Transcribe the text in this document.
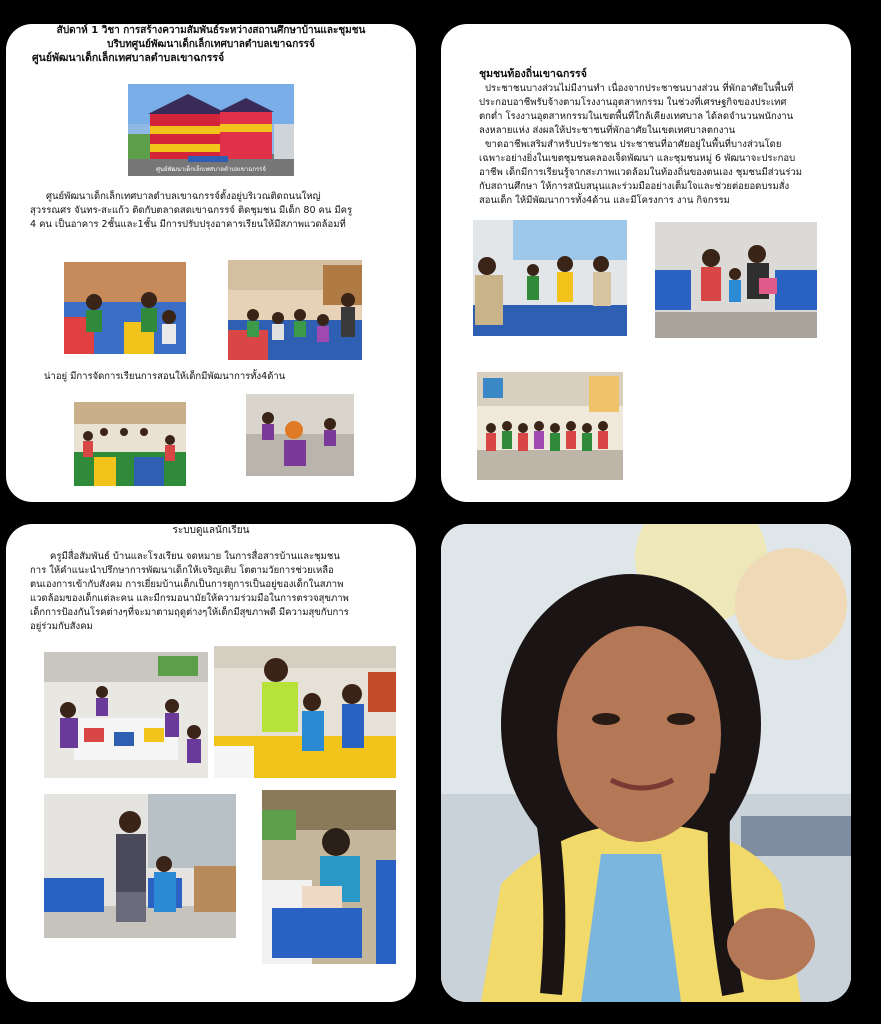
สัปดาห์ 1 วิชา การสร้างความสัมพันธ์ระหว่างสถานศึกษาบ้านและชุมชน
บริบทศูนย์พัฒนาเด็กเล็กเทศบาลตำบลเขาฉกรรจ์
ศูนย์พัฒนาเด็กเล็กเทศบาลตำบลเขาฉกรรจ์
ศูนย์พัฒนาเด็กเล็กเทศบาลตำบลเขาฉกรรจ์
ศูนย์พัฒนาเด็กเล็กเทศบาลตำบลเขาฉกรรจ์ตั้งอยู่บริเวณติดถนนใหญ่
สุวรรณศร จันทร-สะแก้ว ติดกับตลาดสดเขาฉกรรจ์ ติดชุมชน มีเด็ก 80 คน มีครู
4 คน เป็นอาคาร 2ชั้นและ1ชั้น มีการปรับปรุงอาคารเรียนให้มีสภาพแวดล้อมที่
น่าอยู่ มีการจัดการเรียนการสอนให้เด็กมีพัฒนาการทั้ง4ด้าน
ชุมชนท้องถิ่นเขาฉกรรจ์
ประชาชนบางส่วนไม่มีงานทำ เนื่องจากประชาชนบางส่วน ที่พักอาศัยในพื้นที่
ประกอบอาชีพรับจ้างตามโรงงานอุตสาหกรรม ในช่วงที่เศรษฐกิจของประเทศ
ตกต่ำ โรงงานอุตสาหกรรมในเขตพื้นที่ใกล้เคียงเทศบาล ได้ลดจำนวนพนักงาน
ลงหลายแห่ง ส่งผลให้ประชาชนที่พักอาศัยในเขตเทศบาลตกงาน
ขาดอาชีพเสริมสำหรับประชาชน ประชาชนที่อาศัยอยู่ในพื้นที่บางส่วนโดย
เฉพาะอย่างยิ่งในเขตชุมชนคลองเจ็ดพัฒนา และชุมชนหมู่ 6 พัฒนาจะประกอบ
อาชีพ เด็กมีการเรียนรู้จากสะภาพแวดล้อมในท้องถิ่นของตนเอง ชุมชนมีส่วนร่วม
กับสถานศึกษา ให้การสนับสนุนและร่วมมืออย่างเต็มใจและช่วยต่อยอดบรมสั่ง
สอนเด็ก ให้มีพัฒนาการทั้ง4ด้าน และมีโครงการ งาน กิจกรรม
ระบบดูแลนักเรียน
ครูมีสื่อสัมพันธ์ บ้านและโรงเรียน จดหมาย ในการสื่อสารบ้านและชุมชน
การ ให้คำแนะนำปรึกษาการพัฒนาเด็กให้เจริญเติบ โตตามวัยการช่วยเหลือ
ตนเองการเข้ากับสังคม การเยี่ยมบ้านเด็กเป็นการดูการเป็นอยู่ของเด็กในสภาพ
แวดล้อมของเด็กแต่ละคน และมีกรมอนามัยให้ความร่วมมือในการตรวจสุขภาพ
เด็กการป้องกันโรคต่างๆที่จะมาตามฤดูต่างๆให้เด็กมีสุขภาพดี มีความสุขกับการ
อยู่ร่วมกับสังคม
